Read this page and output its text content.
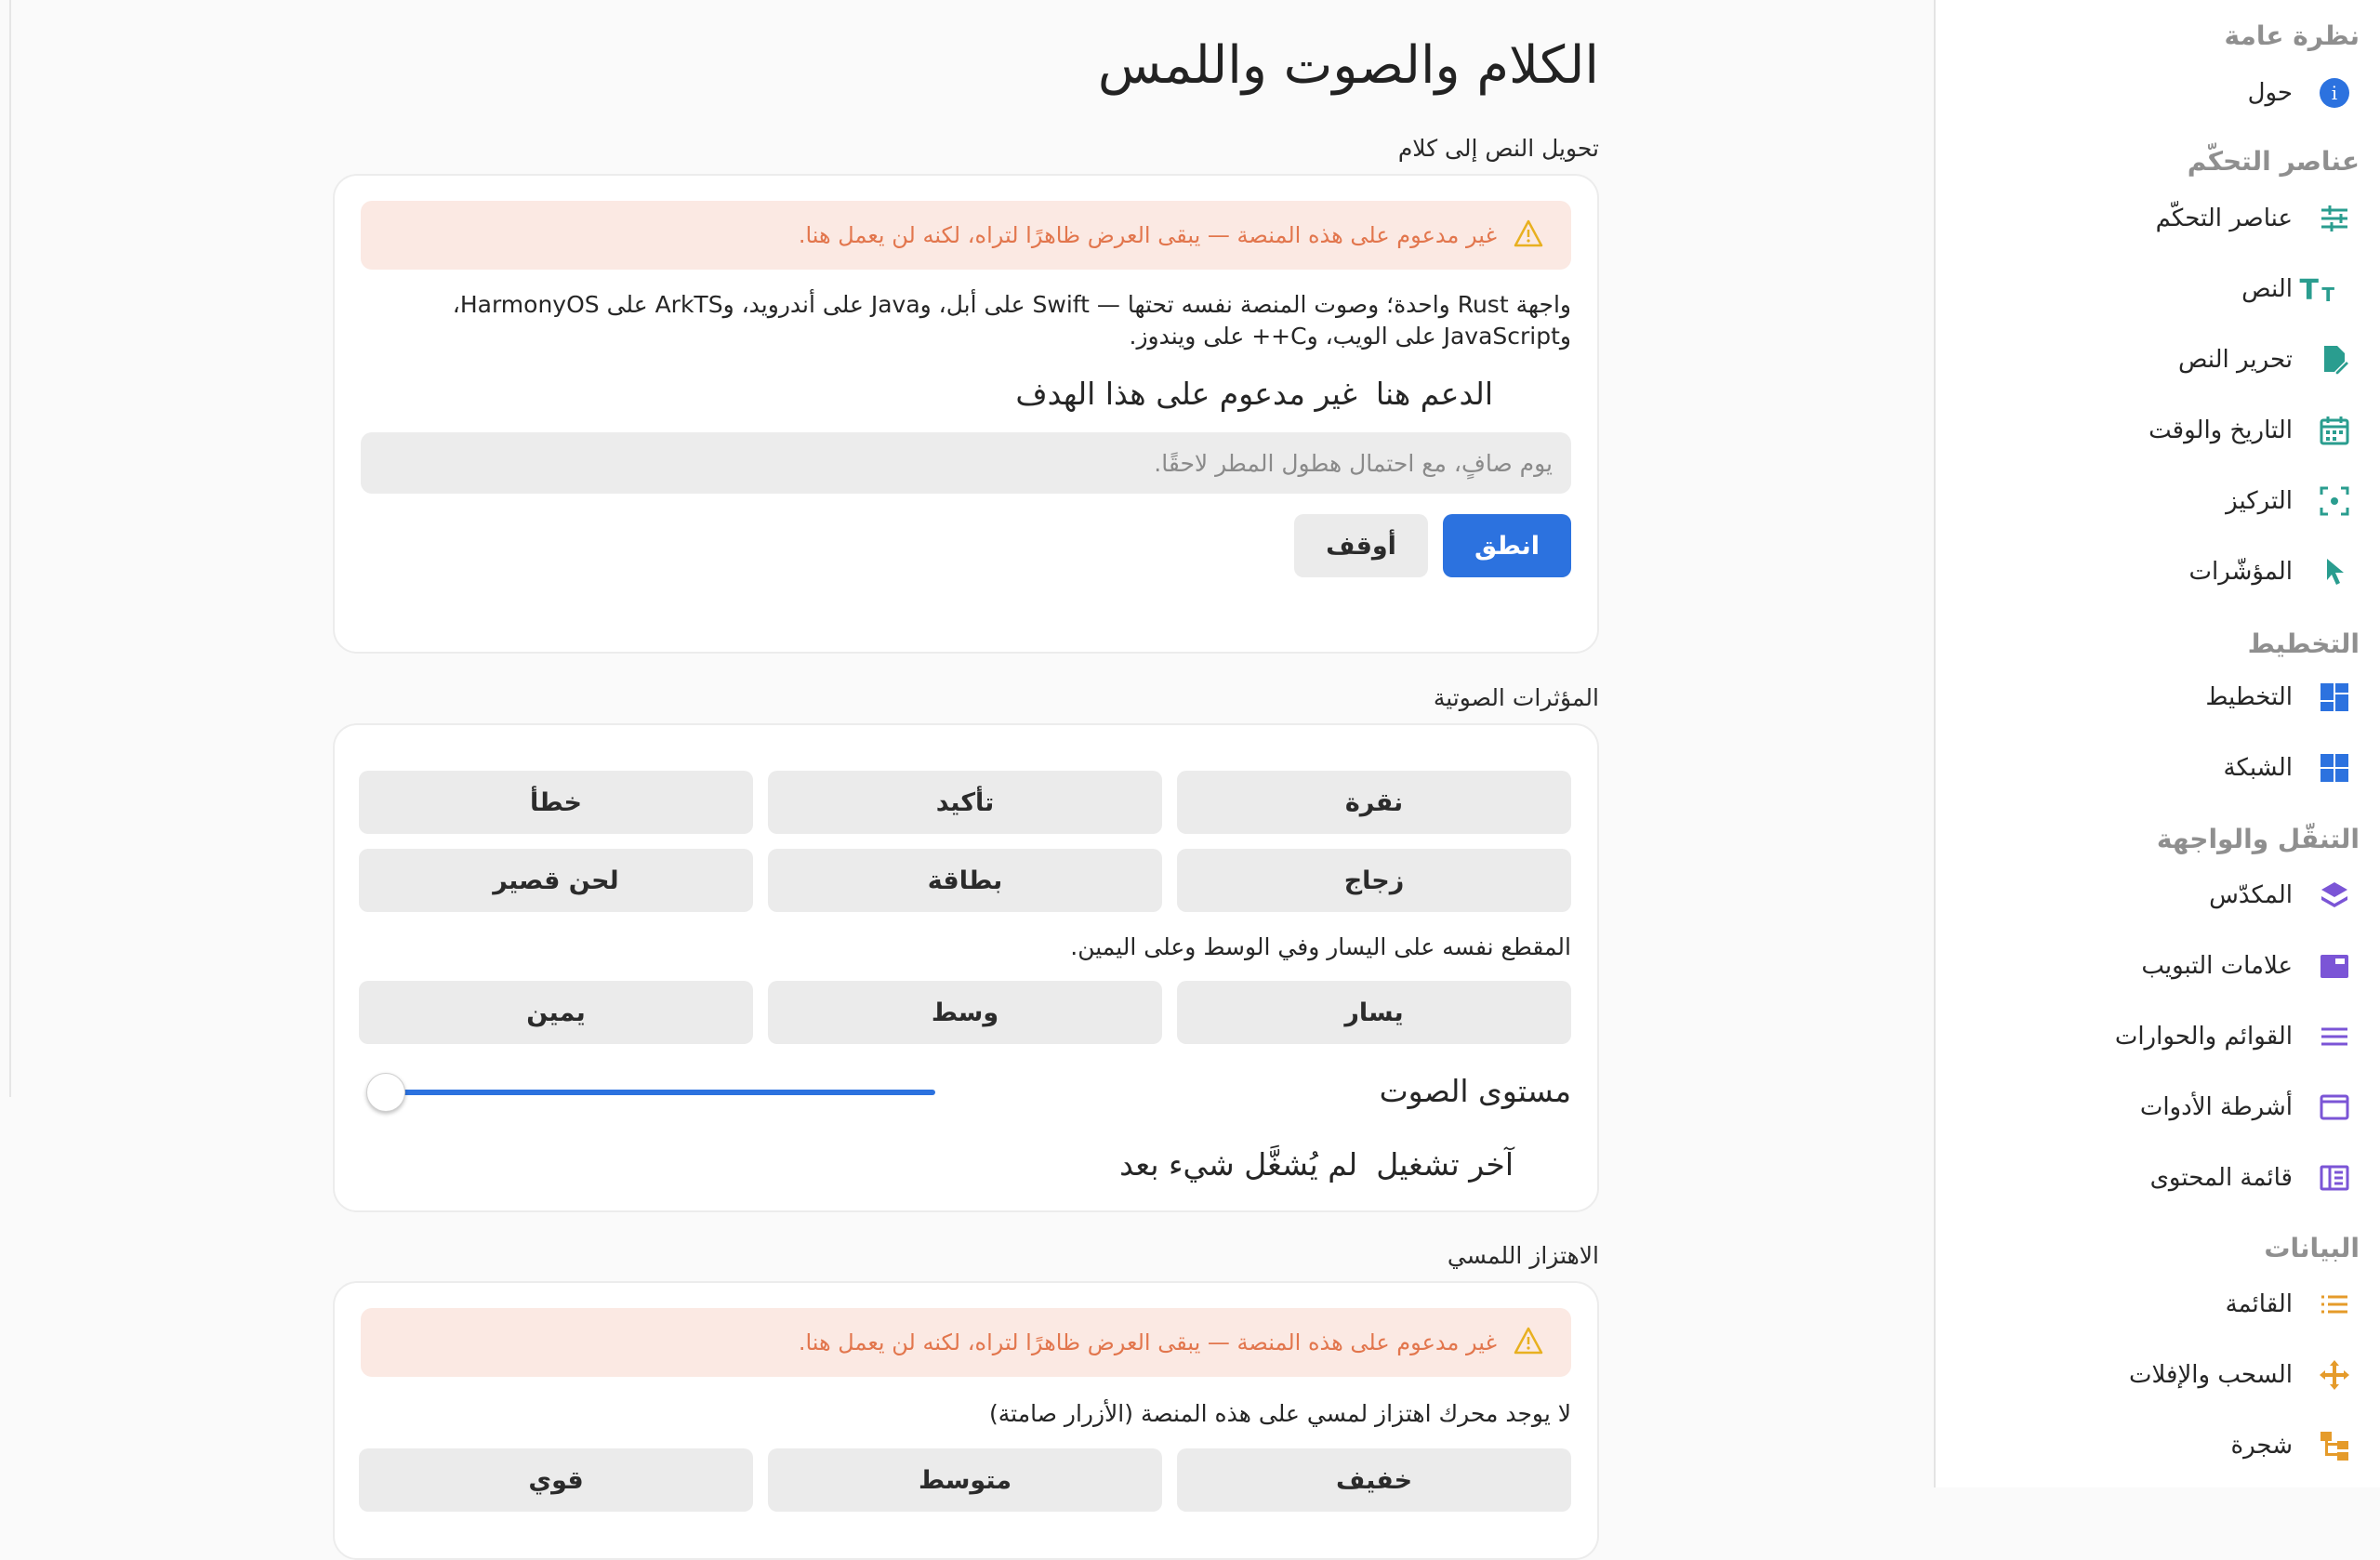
نظرة عامة
i
حول
عناصر التحكّم
عناصر التحكّم
T T
النص
تحرير النص
التاريخ والوقت
التركيز
المؤشّرات
التخطيط
التخطيط
الشبكة
التنقّل والواجهة
المكدّس
علامات التبويب
القوائم والحوارات
أشرطة الأدوات
قائمة المحتوى
البيانات
القائمة
السحب والإفلات
شجرة
الكلام والصوت واللمس
تحويل النص إلى كلام
غير مدعوم على هذه المنصة — يبقى العرض ظاهرًا لتراه، لكنه لن يعمل هنا.
واجهة Rust واحدة؛ وصوت المنصة نفسه تحتها — Swift على أبل، وJava على أندرويد، وArkTS على HarmonyOS، وJavaScript على الويب، وC++ على ويندوز.
الدعم هنا
غير مدعوم على هذا الهدف
يوم صافٍ، مع احتمال هطول المطر لاحقًا.
انطق
أوقف
المؤثرات الصوتية
نقرة
تأكيد
خطأ
زجاج
بطاقة
لحن قصير
المقطع نفسه على اليسار وفي الوسط وعلى اليمين.
يسار
وسط
يمين
مستوى الصوت
آخر تشغيل
لم يُشغَّل شيء بعد
الاهتزاز اللمسي
غير مدعوم على هذه المنصة — يبقى العرض ظاهرًا لتراه، لكنه لن يعمل هنا.
لا يوجد محرك اهتزاز لمسي على هذه المنصة (الأزرار صامتة)
خفيف
متوسط
قوي
